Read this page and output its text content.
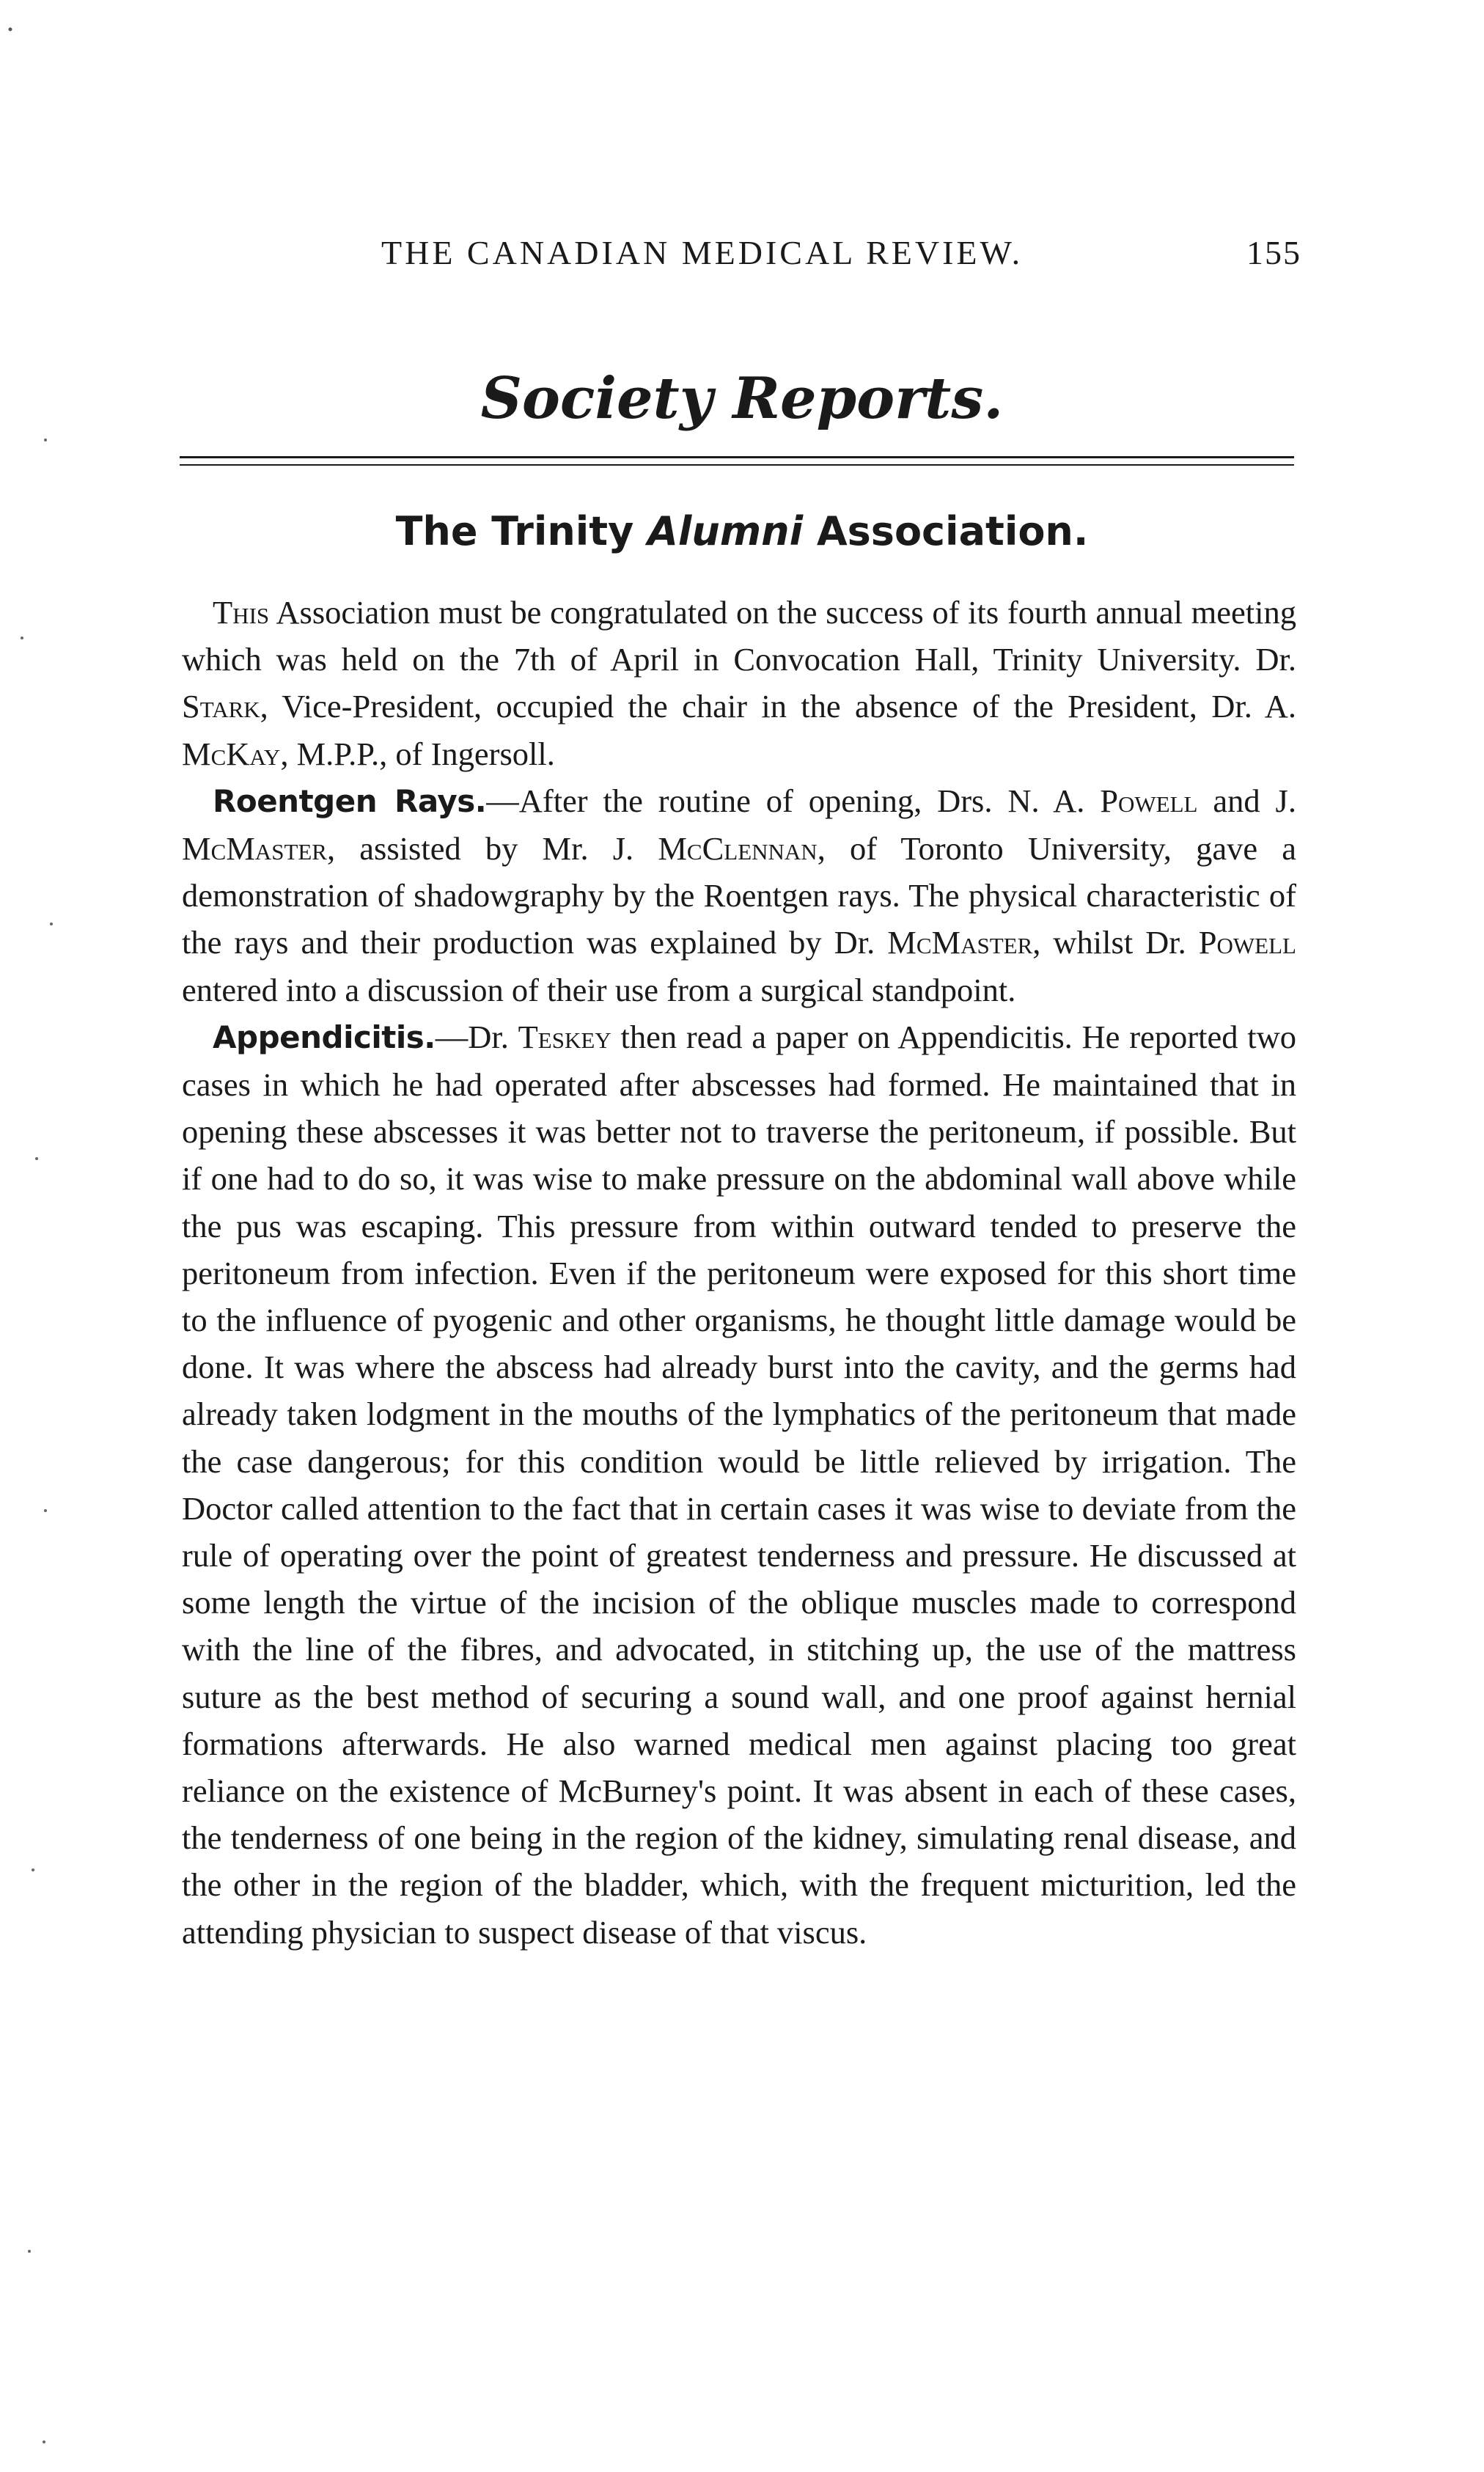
THE CANADIAN MEDICAL REVIEW.	155
Society Reports.
The Trinity Alumni Association.

This Association must be congratulated on the success of its fourth annual meeting which was held on the 7th of April in Convocation Hall, Trinity University. Dr. Stark, Vice-President, occupied the chair in the absence of the President, Dr. A. McKay, M.P.P., of Ingersoll.

Roentgen Rays.—After the routine of opening, Drs. N. A. Powell and J. McMaster, assisted by Mr. J. McClennan, of Toronto University, gave a demonstration of shadowgraphy by the Roentgen rays. The physical characteristic of the rays and their production was explained by Dr. McMaster, whilst Dr. Powell entered into a discussion of their use from a surgical standpoint.

Appendicitis.—Dr. Teskey then read a paper on Appendicitis. He reported two cases in which he had operated after abscesses had formed. He maintained that in opening these abscesses it was better not to traverse the peritoneum, if possible. But if one had to do so, it was wise to make pressure on the abdominal wall above while the pus was escaping. This pressure from within outward tended to preserve the peritoneum from infection. Even if the peritoneum were exposed for this short time to the influence of pyogenic and other organisms, he thought little damage would be done. It was where the abscess had already burst into the cavity, and the germs had already taken lodgment in the mouths of the lymphatics of the peritoneum that made the case dangerous; for this condition would be little relieved by irrigation. The Doctor called attention to the fact that in certain cases it was wise to deviate from the rule of operating over the point of greatest tenderness and pressure. He discussed at some length the virtue of the incision of the oblique muscles made to correspond with the line of the fibres, and advocated, in stitching up, the use of the mattress suture as the best method of securing a sound wall, and one proof against hernial formations afterwards. He also warned medical men against placing too great reliance on the existence of McBurney's point. It was absent in each of these cases, the tenderness of one being in the region of the kidney, simulating renal disease, and the other in the region of the bladder, which, with the frequent micturition, led the attending physician to suspect disease of that viscus.
